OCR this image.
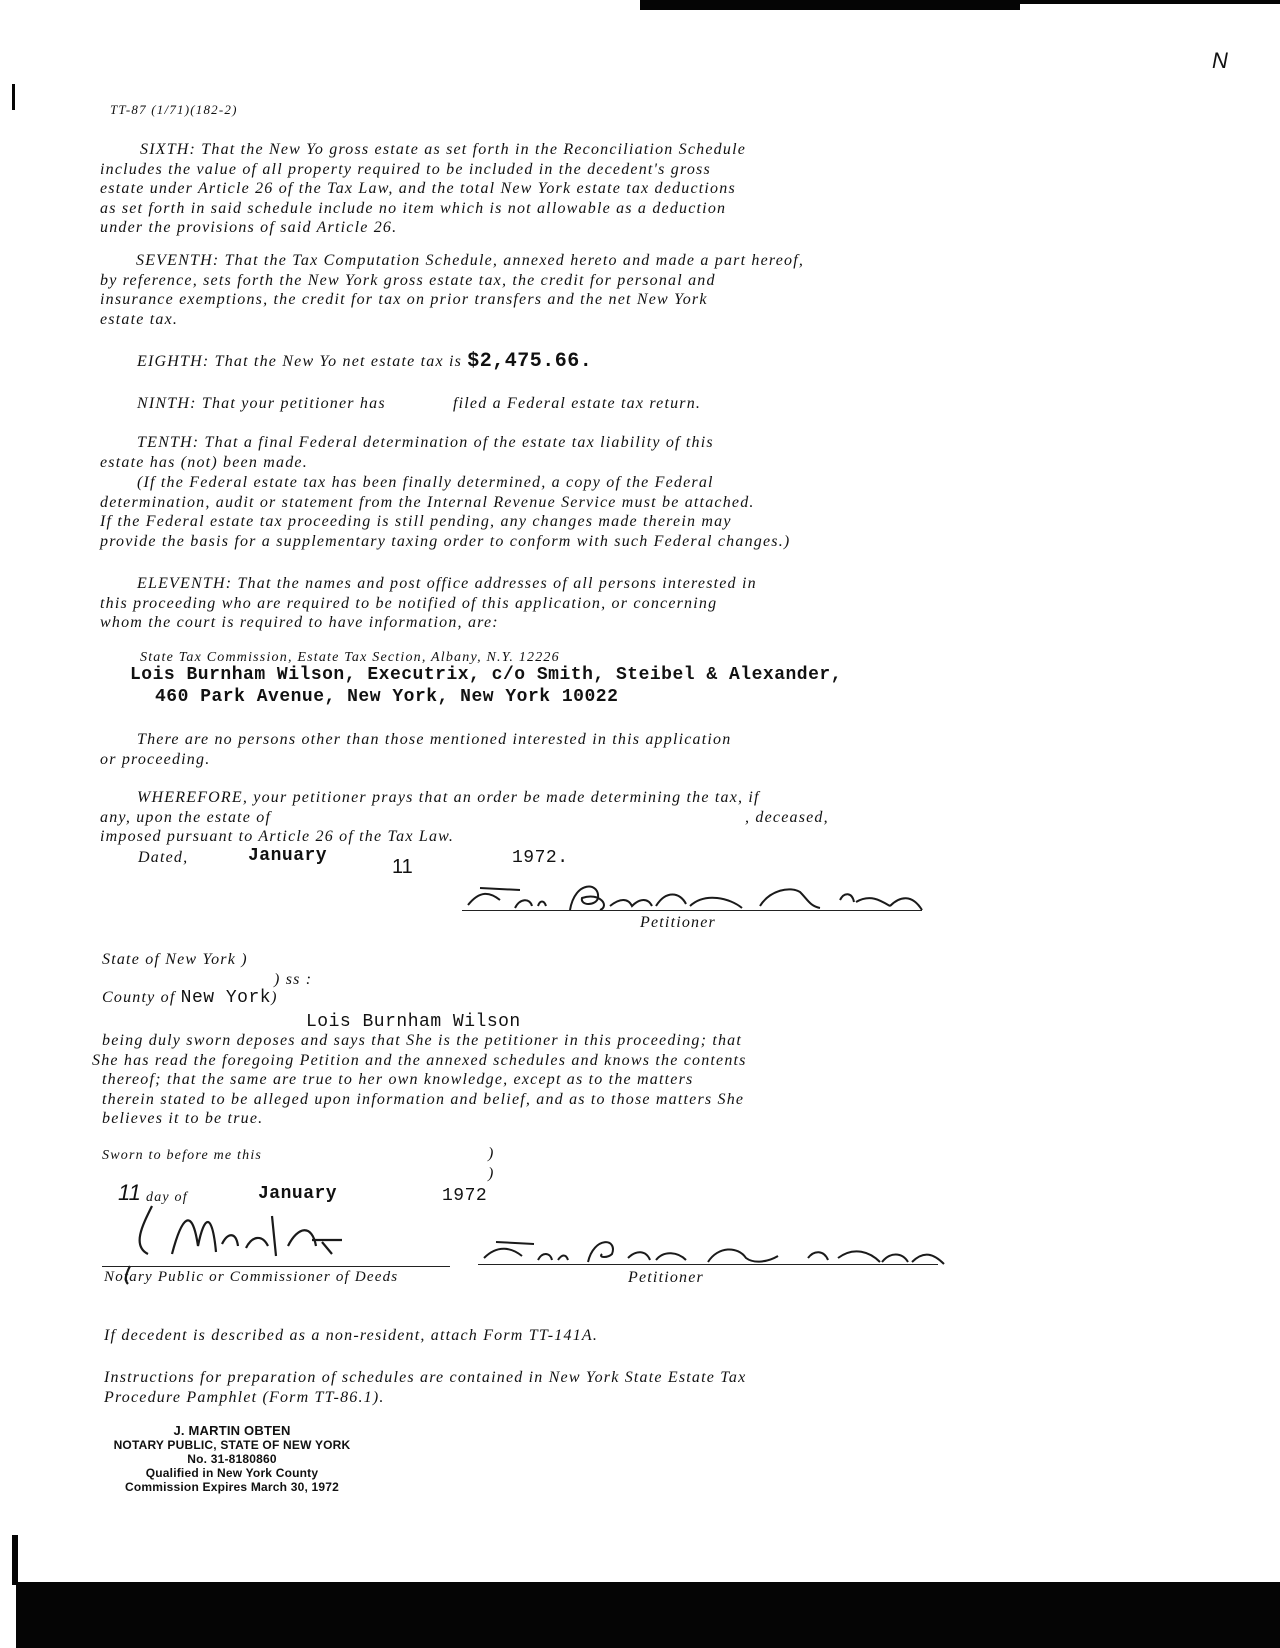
N
TT-87 (1/71)(182-2)
SIXTH: That the New Yo gross estate as set forth in the Reconciliation Schedule
includes the value of all property required to be included in the decedent's gross
estate under Article 26 of the Tax Law, and the total New York estate tax deductions
as set forth in said schedule include no item which is not allowable as a deduction
under the provisions of said Article 26.
SEVENTH: That the Tax Computation Schedule, annexed hereto and made a part hereof,
by reference, sets forth the New York gross estate tax, the credit for personal and
insurance exemptions, the credit for tax on prior transfers and the net New York
estate tax.
EIGHTH: That the New Yo net estate tax is $2,475.66.
NINTH: That your petitioner has	filed a Federal estate tax return.
TENTH: That a final Federal determination of the estate tax liability of this
estate has (not) been made.
(If the Federal estate tax has been finally determined, a copy of the Federal
determination, audit or statement from the Internal Revenue Service must be attached.
If the Federal estate tax proceeding is still pending, any changes made therein may
provide the basis for a supplementary taxing order to conform with such Federal changes.)
ELEVENTH: That the names and post office addresses of all persons interested in
this proceeding who are required to be notified of this application, or concerning
whom the court is required to have information, are:
State Tax Commission, Estate Tax Section, Albany, N.Y. 12226
Lois Burnham Wilson, Executrix, c/o Smith, Steibel & Alexander,
460 Park Avenue, New York, New York 10022
There are no persons other than those mentioned interested in this application
or proceeding.
WHEREFORE, your petitioner prays that an order be made determining the tax, if
any, upon the estate of	, deceased,
imposed pursuant to Article 26 of the Tax Law.
Dated,	January	11	1972.
Petitioner
State of New York )
) ss :
County of New York)
Lois Burnham Wilson
being duly sworn deposes and says that She is the petitioner in this proceeding; that
She has read the foregoing Petition and the annexed schedules and knows the contents
thereof; that the same are true to her own knowledge, except as to the matters
therein stated to be alleged upon information and belief, and as to those matters She
believes it to be true.
Sworn to before me this	)
)
11 day of	January	1972
Notary Public or Commissioner of Deeds	Petitioner
If decedent is described as a non-resident, attach Form TT-141A.
Instructions for preparation of schedules are contained in New York State Estate Tax
Procedure Pamphlet (Form TT-86.1).
J. MARTIN OBTEN
NOTARY PUBLIC, STATE OF NEW YORK
No. 31-8180860
Qualified in New York County
Commission Expires March 30, 1972
